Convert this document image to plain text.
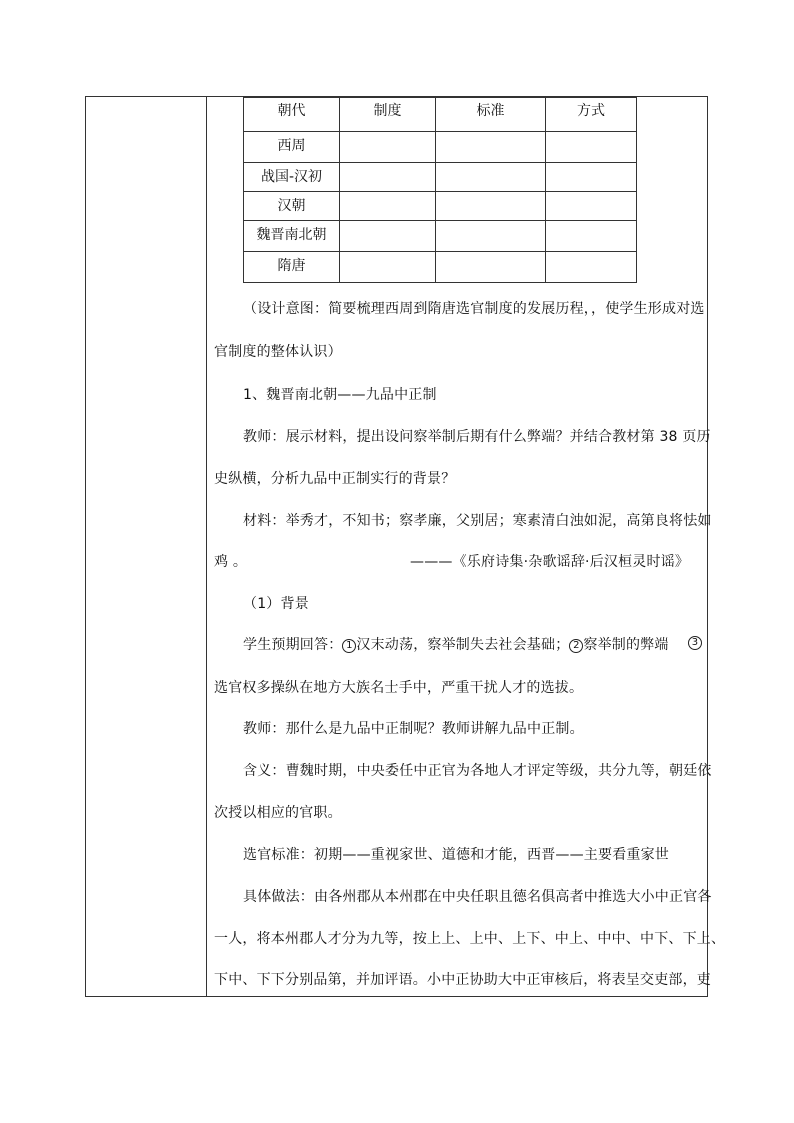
朝代	制度	标准	方式
西周			
战国-汉初			
汉朝			
魏晋南北朝			
隋唐			
（设计意图：简要梳理西周到隋唐选官制度的发展历程，，使学生形成对选
官制度的整体认识）
1、魏晋南北朝——九品中正制
教师：展示材料，提出设问察举制后期有什么弊端？并结合教材第 38 页历
史纵横，分析九品中正制实行的背景？
材料：举秀才，不知书；察孝廉，父别居；寒素清白浊如泥，高第良将怯如
鸡 。	———《乐府诗集·杂歌谣辞·后汉桓灵时谣》
（1）背景
学生预期回答： 1 汉末动荡，察举制失去社会基础； 2 察举制的弊端	3
选官权多操纵在地方大族名士手中，严重干扰人才的选拔。
教师：那什么是九品中正制呢？教师讲解九品中正制。
含义：曹魏时期，中央委任中正官为各地人才评定等级，共分九等，朝廷依
次授以相应的官职。
选官标准：初期——重视家世、道德和才能，西晋——主要看重家世
具体做法：由各州郡从本州郡在中央任职且德名俱高者中推选大小中正官各
一人，将本州郡人才分为九等，按上上、上中、上下、中上、中中、中下、下上、
下中、下下分别品第，并加评语。小中正协助大中正审核后，将表呈交吏部，吏
